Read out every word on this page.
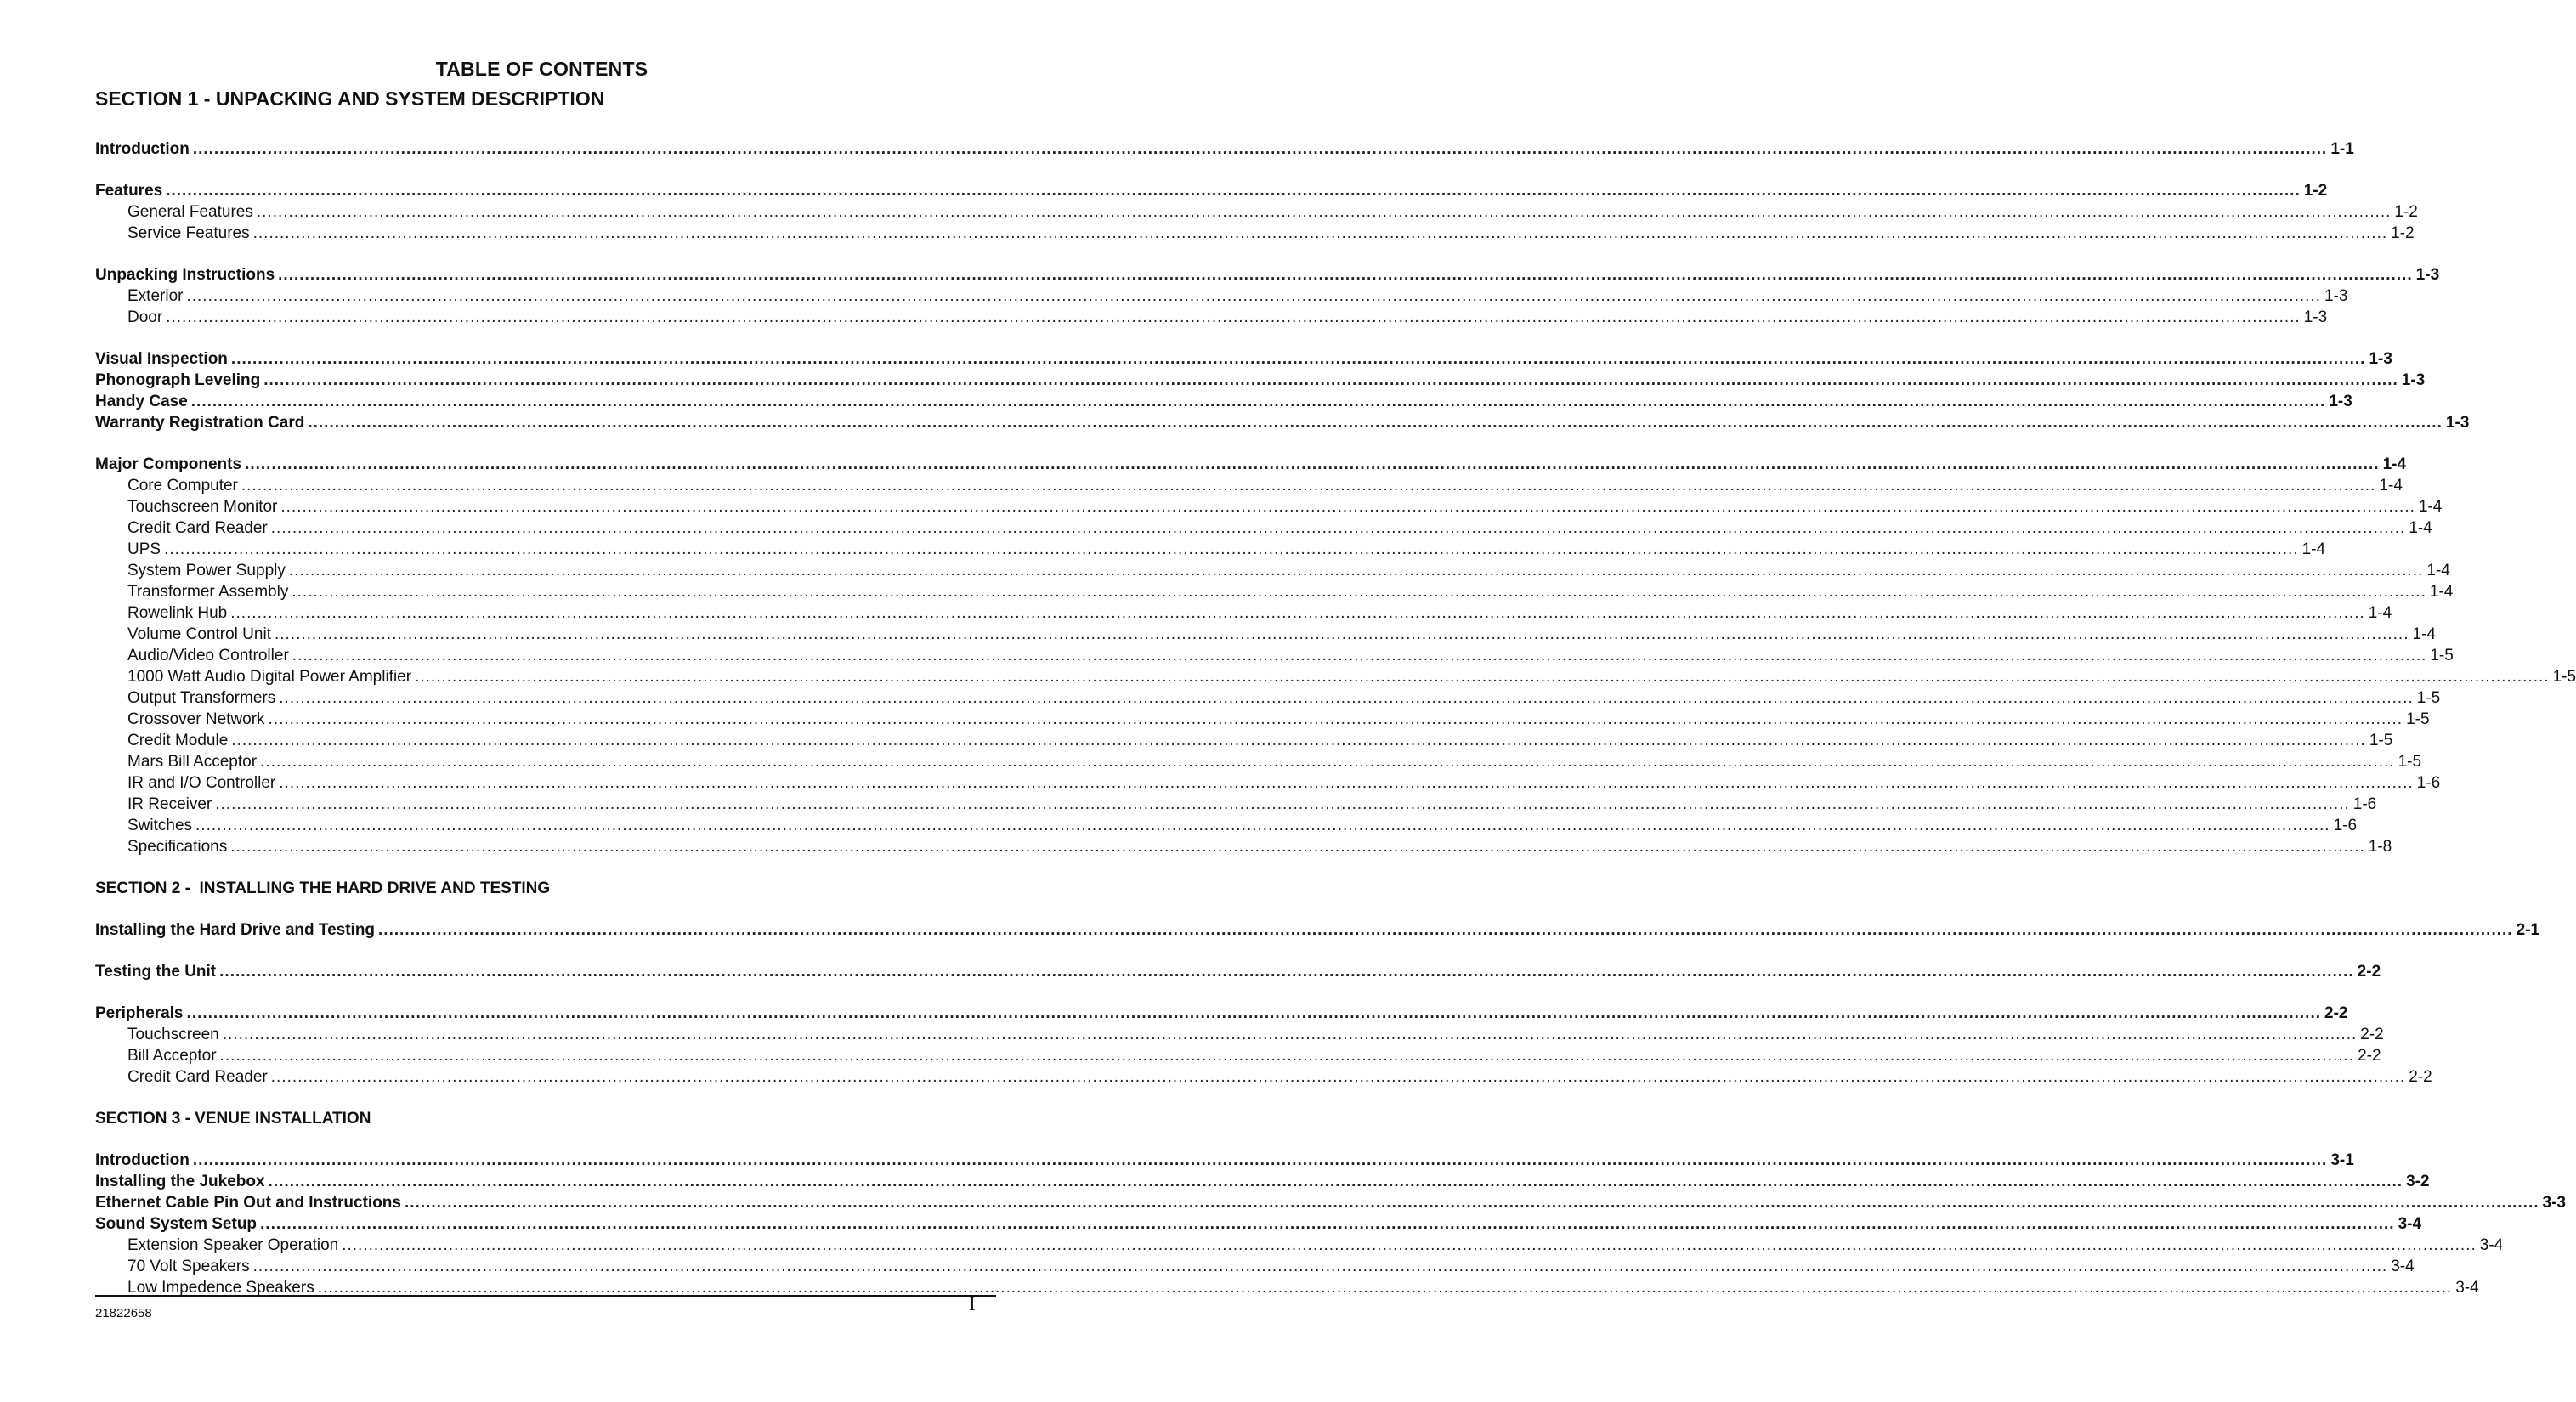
TABLE OF CONTENTS
SECTION 1 - UNPACKING AND SYSTEM DESCRIPTION
Introduction ................................................................................................................................................................................................................................................................................................................................................................................................................ 1-1
Features ................................................................................................................................................................................................................................................................................................................................................................................................................ 1-2
General Features ................................................................................................................................................................................................................................................................................................................................................................................................................ 1-2
Service Features ................................................................................................................................................................................................................................................................................................................................................................................................................ 1-2
Unpacking Instructions ................................................................................................................................................................................................................................................................................................................................................................................................................ 1-3
Exterior ................................................................................................................................................................................................................................................................................................................................................................................................................ 1-3
Door ................................................................................................................................................................................................................................................................................................................................................................................................................ 1-3
Visual Inspection ................................................................................................................................................................................................................................................................................................................................................................................................................ 1-3
Phonograph Leveling ................................................................................................................................................................................................................................................................................................................................................................................................................ 1-3
Handy Case ................................................................................................................................................................................................................................................................................................................................................................................................................ 1-3
Warranty Registration Card ................................................................................................................................................................................................................................................................................................................................................................................................................ 1-3
Major Components ................................................................................................................................................................................................................................................................................................................................................................................................................ 1-4
Core Computer ................................................................................................................................................................................................................................................................................................................................................................................................................ 1-4
Touchscreen Monitor ................................................................................................................................................................................................................................................................................................................................................................................................................ 1-4
Credit Card Reader ................................................................................................................................................................................................................................................................................................................................................................................................................ 1-4
UPS ................................................................................................................................................................................................................................................................................................................................................................................................................ 1-4
System Power Supply ................................................................................................................................................................................................................................................................................................................................................................................................................ 1-4
Transformer Assembly ................................................................................................................................................................................................................................................................................................................................................................................................................ 1-4
Rowelink Hub ................................................................................................................................................................................................................................................................................................................................................................................................................ 1-4
Volume Control Unit ................................................................................................................................................................................................................................................................................................................................................................................................................ 1-4
Audio/Video Controller ................................................................................................................................................................................................................................................................................................................................................................................................................ 1-5
1000 Watt Audio Digital Power Amplifier ................................................................................................................................................................................................................................................................................................................................................................................................................ 1-5
Output Transformers ................................................................................................................................................................................................................................................................................................................................................................................................................ 1-5
Crossover Network ................................................................................................................................................................................................................................................................................................................................................................................................................ 1-5
Credit Module ................................................................................................................................................................................................................................................................................................................................................................................................................ 1-5
Mars Bill Acceptor ................................................................................................................................................................................................................................................................................................................................................................................................................ 1-5
IR and I/O Controller ................................................................................................................................................................................................................................................................................................................................................................................................................ 1-6
IR Receiver ................................................................................................................................................................................................................................................................................................................................................................................................................ 1-6
Switches ................................................................................................................................................................................................................................................................................................................................................................................................................ 1-6
Specifications ................................................................................................................................................................................................................................................................................................................................................................................................................ 1-8
SECTION 2 -  INSTALLING THE HARD DRIVE AND TESTING
Installing the Hard Drive and Testing ................................................................................................................................................................................................................................................................................................................................................................................................................ 2-1
Testing the Unit ................................................................................................................................................................................................................................................................................................................................................................................................................ 2-2
Peripherals ................................................................................................................................................................................................................................................................................................................................................................................................................ 2-2
Touchscreen ................................................................................................................................................................................................................................................................................................................................................................................................................ 2-2
Bill Acceptor ................................................................................................................................................................................................................................................................................................................................................................................................................ 2-2
Credit Card Reader ................................................................................................................................................................................................................................................................................................................................................................................................................ 2-2
SECTION 3 - VENUE INSTALLATION
Introduction ................................................................................................................................................................................................................................................................................................................................................................................................................ 3-1
Installing the Jukebox ................................................................................................................................................................................................................................................................................................................................................................................................................ 3-2
Ethernet Cable Pin Out and Instructions ................................................................................................................................................................................................................................................................................................................................................................................................................ 3-3
Sound System Setup ................................................................................................................................................................................................................................................................................................................................................................................................................ 3-4
Extension Speaker Operation ................................................................................................................................................................................................................................................................................................................................................................................................................ 3-4
70 Volt Speakers ................................................................................................................................................................................................................................................................................................................................................................................................................ 3-4
Low Impedence Speakers ................................................................................................................................................................................................................................................................................................................................................................................................................ 3-4
21822658	I
